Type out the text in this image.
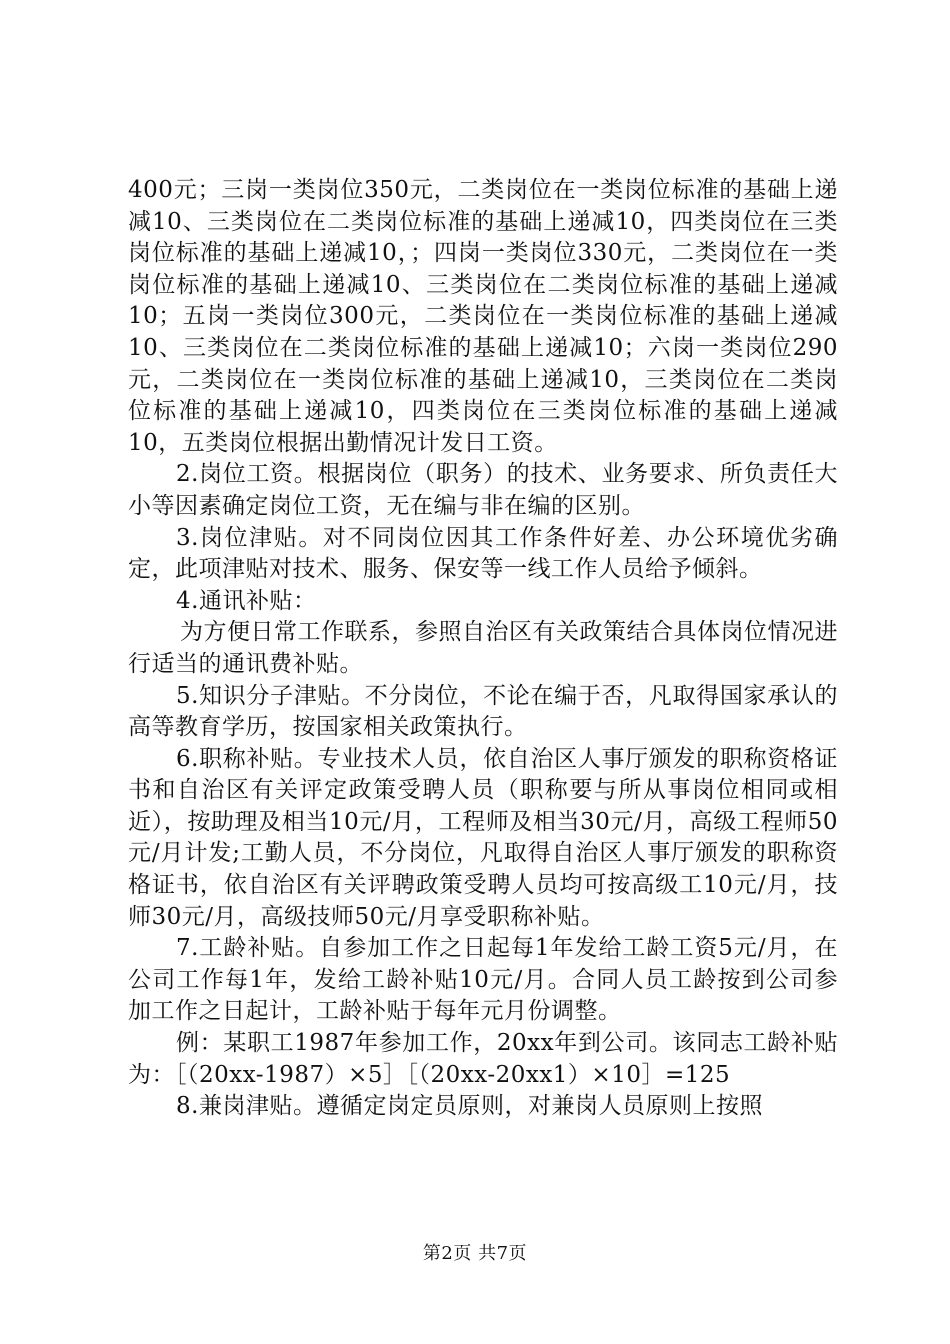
400元；三岗一类岗位350元，二类岗位在一类岗位标准的基础上递减10、三类岗位在二类岗位标准的基础上递减10，四类岗位在三类岗位标准的基础上递减10，；四岗一类岗位330元，二类岗位在一类岗位标准的基础上递减10、三类岗位在二类岗位标准的基础上递减10；五岗一类岗位300元，二类岗位在一类岗位标准的基础上递减10、三类岗位在二类岗位标准的基础上递减10；六岗一类岗位290元，二类岗位在一类岗位标准的基础上递减10，三类岗位在二类岗位标准的基础上递减10，四类岗位在三类岗位标准的基础上递减10，五类岗位根据出勤情况计发日工资。

2.岗位工资。根据岗位（职务）的技术、业务要求、所负责任大小等因素确定岗位工资，无在编与非在编的区别。

3.岗位津贴。对不同岗位因其工作条件好差、办公环境优劣确定，此项津贴对技术、服务、保安等一线工作人员给予倾斜。

4.通讯补贴：

为方便日常工作联系，参照自治区有关政策结合具体岗位情况进行适当的通讯费补贴。

5.知识分子津贴。不分岗位，不论在编于否，凡取得国家承认的高等教育学历，按国家相关政策执行。

6.职称补贴。专业技术人员，依自治区人事厅颁发的职称资格证书和自治区有关评定政策受聘人员（职称要与所从事岗位相同或相近），按助理及相当10元/月，工程师及相当30元/月，高级工程师50元/月计发;工勤人员，不分岗位，凡取得自治区人事厅颁发的职称资格证书，依自治区有关评聘政策受聘人员均可按高级工10元/月，技师30元/月，高级技师50元/月享受职称补贴。

7.工龄补贴。自参加工作之日起每1年发给工龄工资5元/月，在公司工作每1年，发给工龄补贴10元/月。合同人员工龄按到公司参加工作之日起计，工龄补贴于每年元月份调整。

例：某职工1987年参加工作，20xx年到公司。该同志工龄补贴为：［（20xx-1987）×5］［（20xx-20xx1）×10］=125

8.兼岗津贴。遵循定岗定员原则，对兼岗人员原则上按照

第2页 共7页
